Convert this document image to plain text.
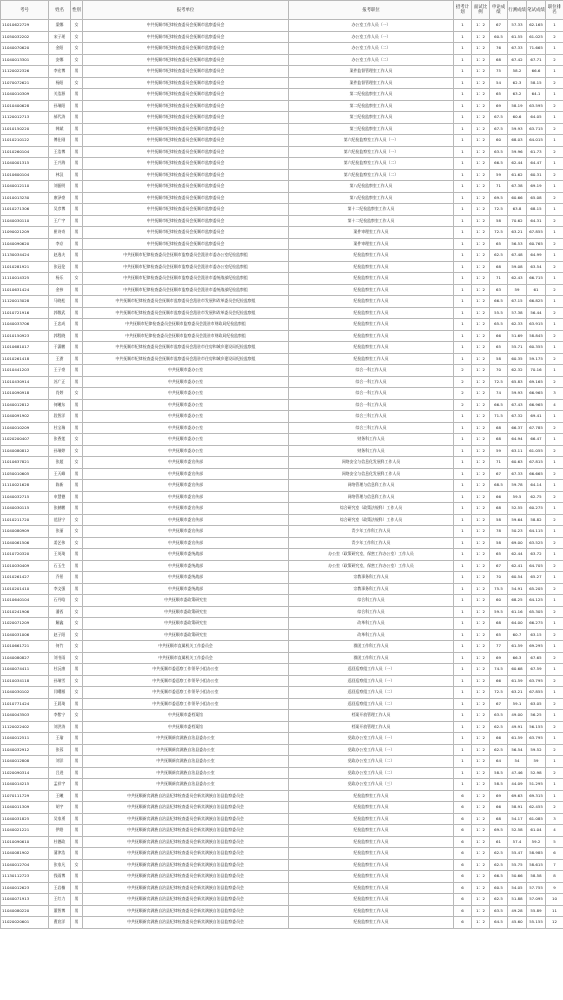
考号	姓名	性别	报考单位	报考职位	招考计划	面试比例	申论成绩	行测成绩	笔试成绩	职位排名
11010622729	梁娜	女	中共抚顺市纪律检查委员会抚顺市监察委员会	办公室工作人员（一）	1	1：2	67	57.33	62.165	1
11050032202	宋子瑶	女	中共抚顺市纪律检查委员会抚顺市监察委员会	办公室工作人员（一）	1	1：2	60.5	61.55	61.025	2
11040070620	金阳	女	中共抚顺市纪律检查委员会抚顺市监察委员会	办公室工作人员（二）	1	1：2	76	67.33	71.665	1
11040013301	安娜	女	中共抚顺市纪律检查委员会抚顺市监察委员会	办公室工作人员（二）	1	1：2	68	67.42	67.71	2
11120022326	李宏博	男	中共抚顺市纪律检查委员会抚顺市监察委员会	案件监督管理室工作人员	1	1：2	75	58.2	66.6	1
11070072621	杨阳	女	中共抚顺市纪律检查委员会抚顺市监察委员会	案件监督管理室工作人员	1	1：2	54	62.3	58.15	2
11040010309	关浩源	男	中共抚顺市纪律检查委员会抚顺市监察委员会	第二纪检监察室工作人员	1	1：2	65	63.2	64.1	1
11010400628	孙瑞阳	男	中共抚顺市纪律检查委员会抚顺市监察委员会	第二纪检监察室工作人员	1	1：2	69	58.19	63.595	2
11120012713	郝代涛	男	中共抚顺市纪律检查委员会抚顺市监察委员会	第三纪检监察室工作人员	1	1：2	67.5	60.6	64.05	1
11010150220	韩斌	男	中共抚顺市纪律检查委员会抚顺市监察委员会	第三纪检监察室工作人员	1	1：2	67.5	59.93	63.715	2
11010210122	傅仕刚	男	中共抚顺市纪律检查委员会抚顺市监察委员会	第六纪检监察室工作人员（一）	1	1：2	60	68.03	64.015	1
11010260104	王浩博	男	中共抚顺市纪律检查委员会抚顺市监察委员会	第六纪检监察室工作人员（一）	1	1：2	63.5	59.96	61.73	2
11040001315	王兴海	男	中共抚顺市纪律检查委员会抚顺市监察委员会	第六纪检监察室工作人员（二）	1	1：2	66.5	62.44	64.47	1
11010600104	林汉	男	中共抚顺市纪律检查委员会抚顺市监察委员会	第六纪检监察室工作人员（二）	1	1：2	59	61.62	60.31	2
11040012110	刘振明	男	中共抚顺市纪律检查委员会抚顺市监察委员会	第八纪检监察室工作人员	1	1：2	71	67.38	69.19	1
11010013230	康泽豪	男	中共抚顺市纪律检查委员会抚顺市监察委员会	第八纪检监察室工作人员	1	1：2	69.5	60.66	65.08	2
11010271306	吴彦博	男	中共抚顺市纪律检查委员会抚顺市监察委员会	第十二纪检监察室工作人员	1	1：2	72.5	63.8	68.15	1
11040030110	王广宇	男	中共抚顺市纪律检查委员会抚顺市监察委员会	第十二纪检监察室工作人员	1	1：2	58	70.62	64.31	2
11090021209	崔诗奇	男	中共抚顺市纪律检查委员会抚顺市监察委员会	案件审理室工作人员	1	1：2	72.5	63.21	67.855	1
11040090620	李京	男	中共抚顺市纪律检查委员会抚顺市监察委员会	案件审理室工作人员	1	1：2	65	56.53	60.765	2
11130034424	赵逸夫	男	中共抚顺市纪律检查委员会抚顺市监察委员会派驻市委办公室纪检监察组	纪检监察室工作人员	1	1：2	62.5	67.48	64.99	1
11010281921	张冠伦	男	中共抚顺市纪律检查委员会抚顺市监察委员会派驻市委办公室纪检监察组	纪检监察室工作人员	1	1：2	68	59.08	63.54	2
11110014325	杨乐	女	中共抚顺市纪律检查委员会抚顺市监察委员会派驻市委统战部纪检监察组	纪检监察室工作人员	1	1：2	71	62.43	66.715	1
11010631424	金祎	男	中共抚顺市纪律检查委员会抚顺市监察委员会派驻市委统战部纪检监察组	纪检监察室工作人员	1	1：2	63	59	61	2
11120013028	马晓松	男	中共抚顺市纪律检查委员会抚顺市监察委员会派驻市发展和改革委员会纪检监察组	纪检监察室工作人员	1	1：2	66.5	67.15	66.825	1
11010721916	郭敬武	男	中共抚顺市纪律检查委员会抚顺市监察委员会派驻市发展和改革委员会纪检监察组	纪检监察室工作人员	1	1：2	55.5	57.38	56.44	2
11040033706	王忠成	男	中共抚顺市纪律检查委员会抚顺市监察委员会派驻市财政局纪检监察组	纪检监察室工作人员	1	1：2	65.5	62.33	63.915	1
11010150923	郭程晓	男	中共抚顺市纪律检查委员会抚顺市监察委员会派驻市财政局纪检监察组	纪检监察室工作人员	1	1：2	66	51.69	58.845	2
11010681017	于潇鹏	男	中共抚顺市纪律检查委员会抚顺市监察委员会派驻市住房和城乡建设局纪检监察组	纪检监察室工作人员	1	1：2	65	55.71	60.355	1
11010261418	王澍	男	中共抚顺市纪律检查委员会抚顺市监察委员会派驻市住房和城乡建设局纪检监察组	纪检监察室工作人员	1	1：2	58	60.35	59.175	2
11010441203	王子豪	男	中共抚顺市委办公室	综合一科工作人员	2	1：2	70	62.32	70.16	1
11010430914	苏广正	男	中共抚顺市委办公室	综合一科工作人员	2	1：2	72.5	65.83	69.165	2
11010090918	肖婷	女	中共抚顺市委办公室	综合一科工作人员	2	1：2	74	59.93	66.965	3
11040012812	何曦东	男	中共抚顺市委办公室	综合一科工作人员	2	1：2	66.5	67.43	66.965	4
11040091902	段智洋	男	中共抚顺市委办公室	综合三科工作人员	1	1：2	71.5	67.32	69.41	1
11040010209	杜宝瑞	男	中共抚顺市委办公室	综合三科工作人员	1	1：2	68	66.37	67.785	2
11020200407	张香莲	女	中共抚顺市委办公室	财务科工作人员	1	1：2	68	64.94	66.47	1
11040080812	孙瑞婷	女	中共抚顺市委办公室	财务科工作人员	1	1：2	59	63.11	61.055	2
11010637821	张超	女	中共抚顺市委宣传部	网络安全与信息化发展科工作人员	1	1：2	71	60.63	67.815	1
11050010605	王天峰	男	中共抚顺市委宣传部	网络安全与信息化发展科工作人员	1	1：2	67	67.33	66.665	2
11110021628	陈新	男	中共抚顺市委宣传部	网络管理与信息科工作人员	1	1：2	68.5	59.78	64.14	1
11040032715	申慧德	男	中共抚顺市委宣传部	网络管理与信息科工作人员	1	1：2	66	59.5	62.75	2
11040030115	张赫鹏	男	中共抚顺市委宣传部	综合研究室（政策法规科）工作人员	1	1：2	68	52.55	60.275	1
11010211720	范舒宁	女	中共抚顺市委宣传部	综合研究室（政策法规科）工作人员	1	1：2	58	59.64	58.82	2
11040080909	张丽	女	中共抚顺市委宣传部	青少年工作科工作人员	1	1：2	78	50.23	64.115	1
11040061506	姜艺伟	女	中共抚顺市委宣传部	青少年工作科工作人员	1	1：2	58	69.00	63.525	2
11010720320	王英琦	男	中共抚顺市委统战部	办公室（政策研究室，保密工作办公室）工作人员	1	1：2	65	62.44	63.72	1
11010030409	石玉生	男	中共抚顺市委统战部	办公室（政策研究室，保密工作办公室）工作人员	1	1：2	67	62.41	64.705	2
11010261427	乔景	男	中共抚顺市委统战部	宗教事务科工作人员	1	1：2	70	60.54	65.27	1
11010201410	李文强	男	中共抚顺市委统战部	宗教事务科工作人员	1	1：2	75.5	54.91	65.205	2
11010640104	石丹晗	女	中共抚顺市委政策研究室	综合科工作人员	1	1：2	60	68.25	64.125	1
11010241906	潘西	女	中共抚顺市委政策研究室	综合科工作人员	1	1：2	59.5	61.16	65.305	2
11020071209	解鑫	女	中共抚顺市委政策研究室	改革科工作人员	1	1：2	68	64.00	66.275	1
11040031006	赵子阳	女	中共抚顺市委政策研究室	改革科工作人员	1	1：2	65	60.7	63.15	2
11010661721	何竹	女	中共抚顺市直属机关工作委员会	群团工作科工作人员	1	1：2	77	61.59	69.295	1
11040080827	刘书雨	女	中共抚顺市直属机关工作委员会	群团工作科工作人员	1	1：2	69	66.3	67.65	2
11040074411	杜沅康	男	中共抚顺市委巡察工作领导小组办公室	巡回巡察组工作人员（一）	1	1：2	74.5	60.68	67.59	1
11010034118	孙瑞雪	女	中共抚顺市委巡察工作领导小组办公室	巡回巡察组工作人员（一）	1	1：2	66	61.59	63.795	2
11040030102	闫曙雁	女	中共抚顺市委巡察工作领导小组办公室	巡回巡察组工作人员（二）	1	1：2	72.5	63.21	67.855	1
11010771424	王晨琦	男	中共抚顺市委巡察工作领导小组办公室	巡回巡察组工作人员（二）	1	1：2	67	59.1	63.05	2
11040043503	李紫宁	女	中共抚顺市委档案馆	档案开放管理工作人员	1	1：2	63.5	49.00	56.25	1
11120022402	刘洪涛	男	中共抚顺市委档案馆	档案开放管理工作人员	1	1：2	62.5	49.91	56.155	2
11040012511	王瑜	男	中共抚顺新宾满族自治县委办公室	党政办公室工作人员（一）	1	1：2	66	61.59	63.795	1
11040032912	张蓉	男	中共抚顺新宾满族自治县委办公室	党政办公室工作人员（一）	1	1：2	62.5	56.54	59.52	2
11040012808	刘洋	男	中共抚顺新宾满族自治县委办公室	党政办公室工作人员（二）	1	1：2	64	54	59	1
11020090314	吕进	男	中共抚顺新宾满族自治县委办公室	党政办公室工作人员（二）	1	1：2	58.5	47.46	52.98	2
11040014215	孟祥宇	男	中共抚顺新宾满族自治县委办公室	党政办公室工作人员（三）	1	1：2	58.5	44.09	51.295	1
11070111729	王曦	男	中共抚顺新宾满族自治县纪律检查委员会新宾满族自治县监察委员会	纪检监察室工作人员	6	1：2	69	69.63	69.315	1
11040011309	胡宇	男	中共抚顺新宾满族自治县纪律检查委员会新宾满族自治县监察委员会	纪检监察室工作人员	6	1：2	66	58.91	62.455	2
11040031825	吴家勇	男	中共抚顺新宾满族自治县纪律检查委员会新宾满族自治县监察委员会	纪检监察室工作人员	6	1：2	68	54.17	61.085	3
11040021221	伊皓	男	中共抚顺新宾满族自治县纪律检查委员会新宾满族自治县监察委员会	纪检监察室工作人员	6	1：2	69.5	52.58	61.04	4
11010090610	杜德政	男	中共抚顺新宾满族自治县纪律检查委员会新宾满族自治县监察委员会	纪检监察室工作人员	6	1：2	61	57.4	59.2	5
11040081902	蒲津浩	男	中共抚顺新宾满族自治县纪律检查委员会新宾满族自治县监察委员会	纪检监察室工作人员	6	1：2	62.5	55.47	58.985	6
11040012704	张家凡	女	中共抚顺新宾满族自治县纪律检查委员会新宾满族自治县监察委员会	纪检监察室工作人员	6	1：2	62.5	55.75	58.615	7
11130112723	钱雨博	男	中共抚顺新宾满族自治县纪律检查委员会新宾满族自治县监察委员会	纪检监察室工作人员	6	1：2	66.5	50.66	58.58	8
11040012623	王岩楠	男	中共抚顺新宾满族自治县纪律检查委员会新宾满族自治县监察委员会	纪检监察室工作人员	6	1：2	60.5	54.05	57.755	9
11040071913	王红力	男	中共抚顺新宾满族自治县纪律检查委员会新宾满族自治县监察委员会	纪检监察室工作人员	6	1：2	62.5	51.88	57.095	10
11040080220	董智博	男	中共抚顺新宾满族自治县纪律检查委员会新宾满族自治县监察委员会	纪检监察室工作人员	6	1：2	63.5	49.28	55.89	11
11020020601	曹宸洋	男	中共抚顺新宾满族自治县纪律检查委员会新宾满族自治县监察委员会	纪检监察室工作人员	6	1：2	64.5	45.60	55.155	12
